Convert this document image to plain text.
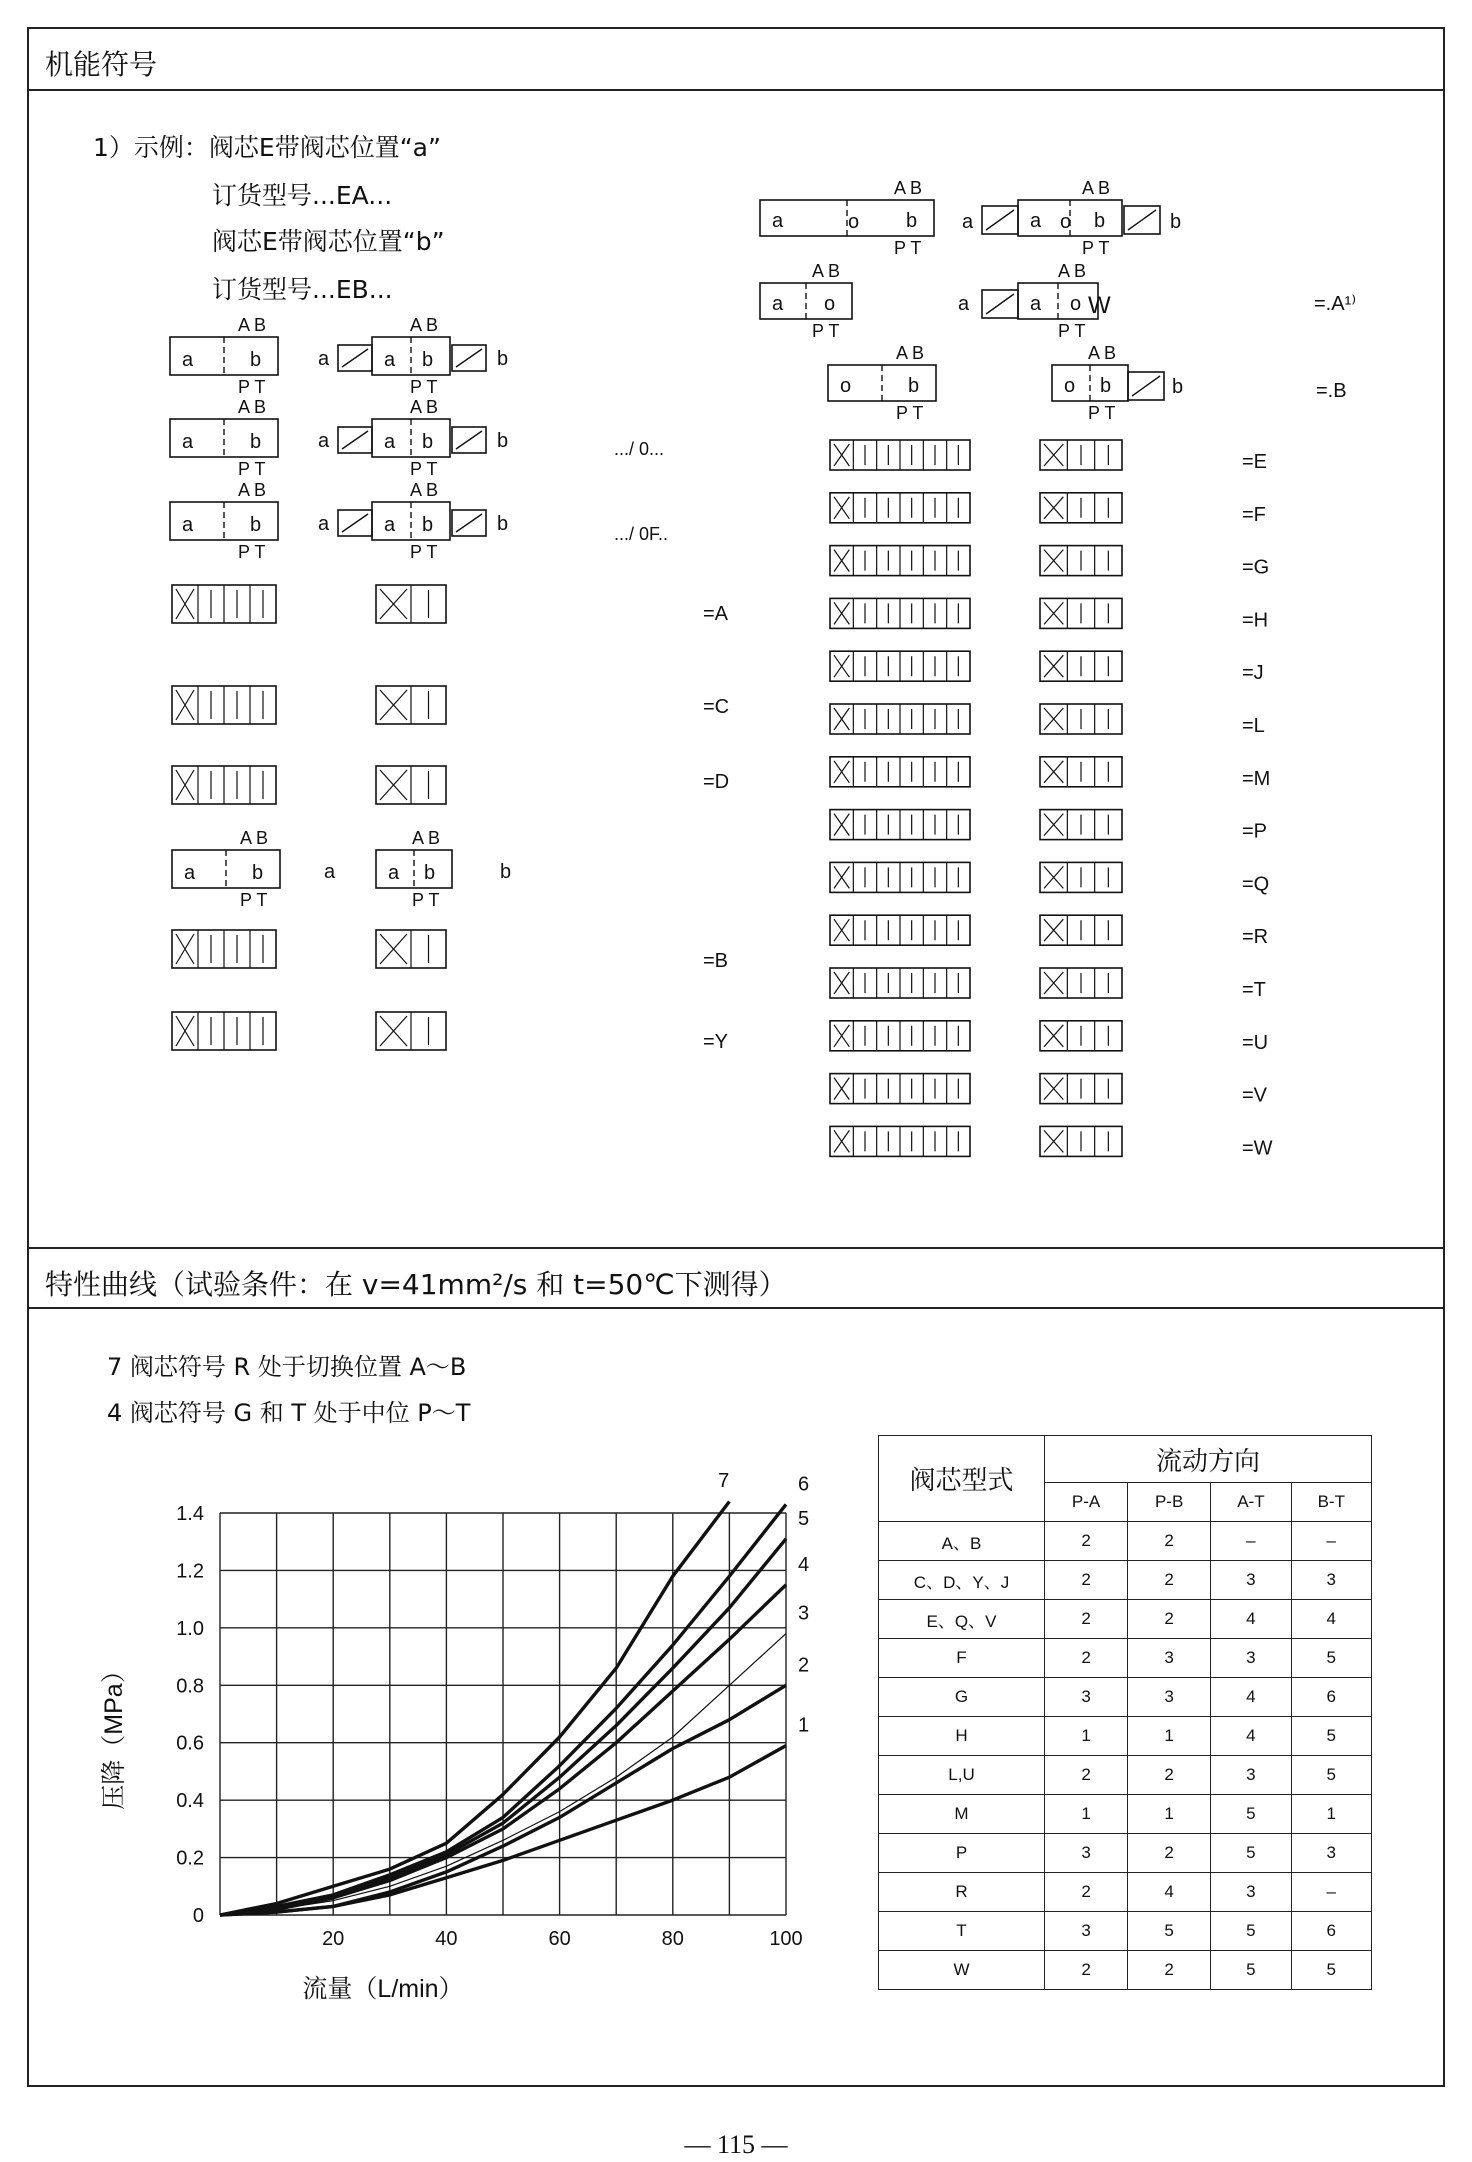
机能符号
特性曲线（试验条件：在 v=41mm²/s 和 t=50℃下测得）
1）示例：阀芯E带阀芯位置“a”
订货型号...EA...
阀芯E带阀芯位置“b”
订货型号...EB...
a	b
A B
P T
a	a b
A B
P T
b
a	b
A B
P T
a	a b
A B
P T
b
a	b
A B
P T
a	a b
A B
P T
b
a	b
A B
P T
a	a b
A B
P T
b
=A
=C
=D
=B
=Y
.../ 0...
.../ 0F..
a	b
A B
P T
o
a o
A B
P T
o	b
A B
P T
a	a	b
A B
P T
o	b
a	a o
A B
P T
W
o b
A B
P T
b
=.A¹⁾
=.B
=E
=F
=G
=H
=J
=L
=M
=P
=Q
=R
=T
=U
=V
=W
7 阀芯符号 R 处于切换位置 A～B
4 阀芯符号 G 和 T 处于中位 P～T
0
0.2
0.4
0.6
0.8
1.0
1.2
1.4
20	40	60	80	100
流量（L/min）
压降（MPa）	1
2
3
4
5
6
7	阀芯型式	流动方向			
	P-A	P-B	A-T	B-T
A、B	2	2	–	–
C、D、Y、J	2	2	3	3
E、Q、V	2	2	4	4
F	2	3	3	5
G	3	3	4	6
H	1	1	4	5
L,U	2	2	3	5
M	1	1	5	1
P	3	2	5	3
R	2	4	3	–
T	3	5	5	6
W	2	2	5	5
— 115 —
